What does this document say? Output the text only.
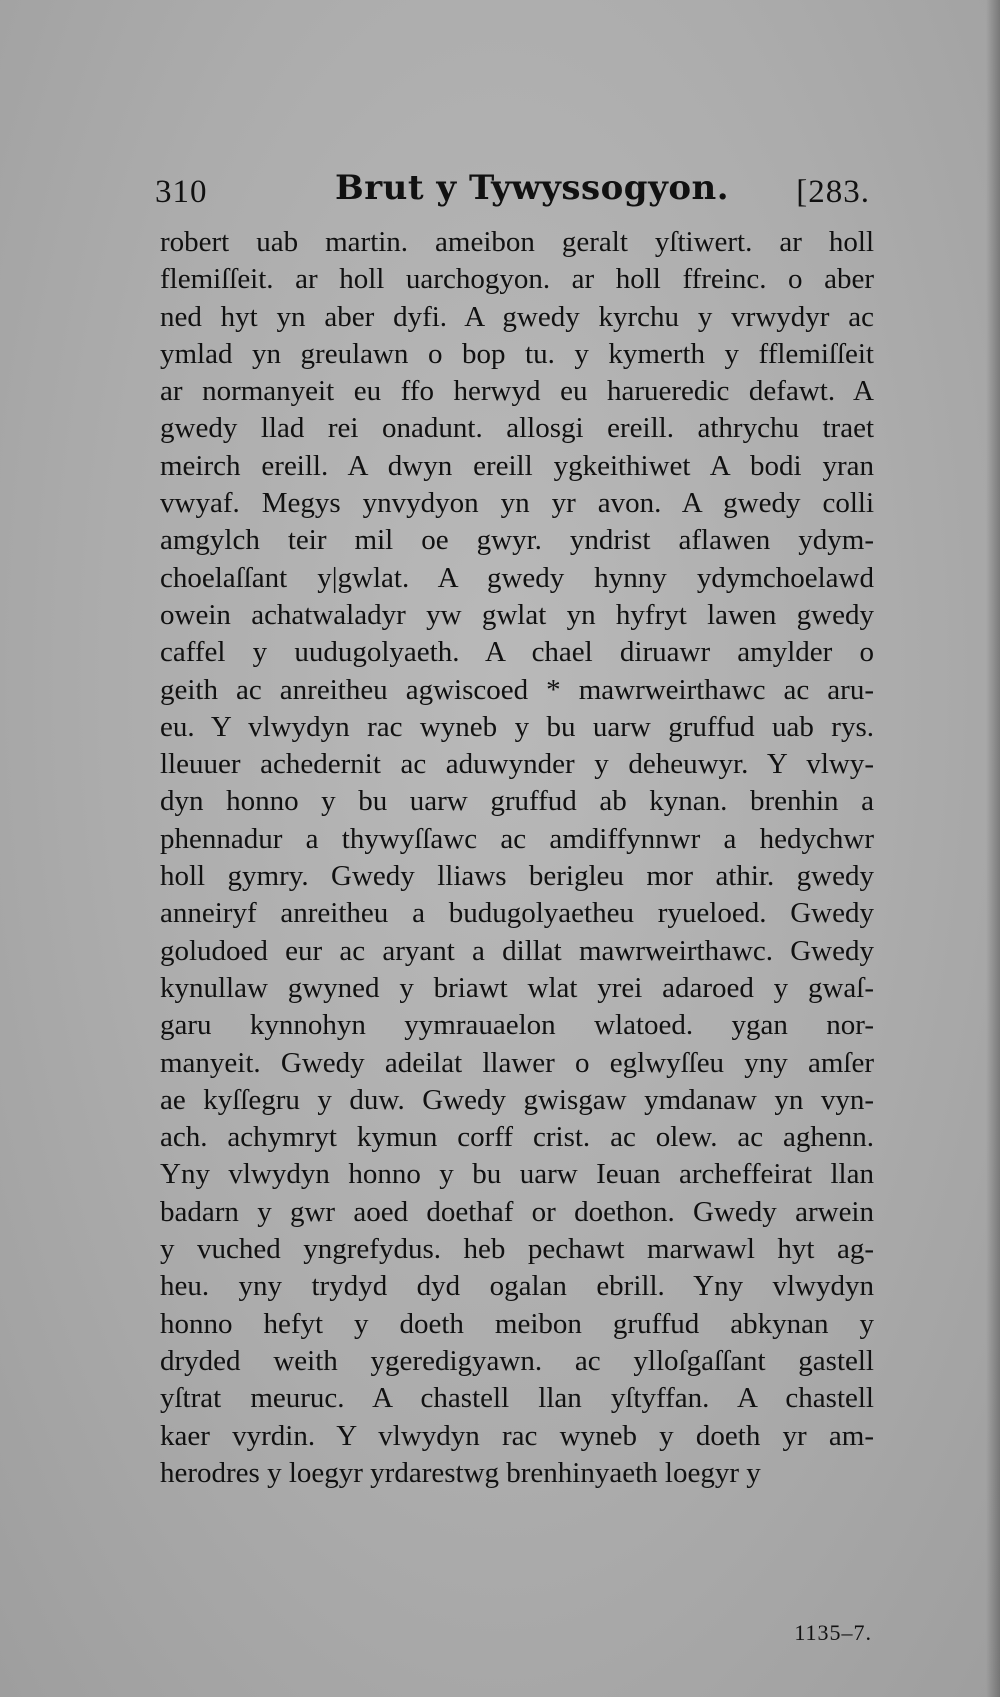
310	Brut y Tywyssogyon. [283.
robert uab martin. ameibon geralt yſtiwert. ar holl
flemiſſeit. ar holl uarchogyon. ar holl ffreinc. o aber
ned hyt yn aber dyfi. A gwedy kyrchu y vrwydyr ac
ymlad yn greulawn o bop tu. y kymerth y fflemiſſeit
ar normanyeit eu ffo herwyd eu harueredic defawt. A
gwedy llad rei onadunt. allosgi ereill. athrychu traet
meirch ereill. A dwyn ereill ygkeithiwet A bodi yran
vwyaf. Megys ynvydyon yn yr avon. A gwedy colli
amgylch teir mil oe gwyr. yndrist aflawen ydym-
choelaſſant y|gwlat. A gwedy hynny ydymchoelawd
owein achatwaladyr yw gwlat yn hyfryt lawen gwedy
caffel y uudugolyaeth. A chael diruawr amylder o
geith ac anreitheu agwiscoed * mawrweirthawc ac aru-
eu. Y vlwydyn rac wyneb y bu uarw gruffud uab rys.
lleuuer achedernit ac aduwynder y deheuwyr. Y vlwy-
dyn honno y bu uarw gruffud ab kynan. brenhin a
phennadur a thywyſſawc ac amdiffynnwr a hedychwr
holl gymry. Gwedy lliaws berigleu mor athir. gwedy
anneiryf anreitheu a budugolyaetheu ryueloed. Gwedy
goludoed eur ac aryant a dillat mawrweirthawc. Gwedy
kynullaw gwyned y briawt wlat yrei adaroed y gwaſ-
garu kynnohyn yymrauaelon wlatoed. ygan nor-
manyeit. Gwedy adeilat llawer o eglwyſſeu yny amſer
ae kyſſegru y duw. Gwedy gwisgaw ymdanaw yn vyn-
ach. achymryt kymun corff crist. ac olew. ac aghenn.
Yny vlwydyn honno y bu uarw Ieuan archeffeirat llan
badarn y gwr aoed doethaf or doethon. Gwedy arwein
y vuched yngrefydus. heb pechawt marwawl hyt ag-
heu. yny trydyd dyd ogalan ebrill. Yny vlwydyn
honno hefyt y doeth meibon gruffud abkynan y
dryded weith ygeredigyawn. ac ylloſgaſſant gastell
yſtrat meuruc. A chastell llan yſtyffan. A chastell
kaer vyrdin. Y vlwydyn rac wyneb y doeth yr am-
herodres y loegyr yrdarestwg brenhinyaeth loegyr y
1135–7.
